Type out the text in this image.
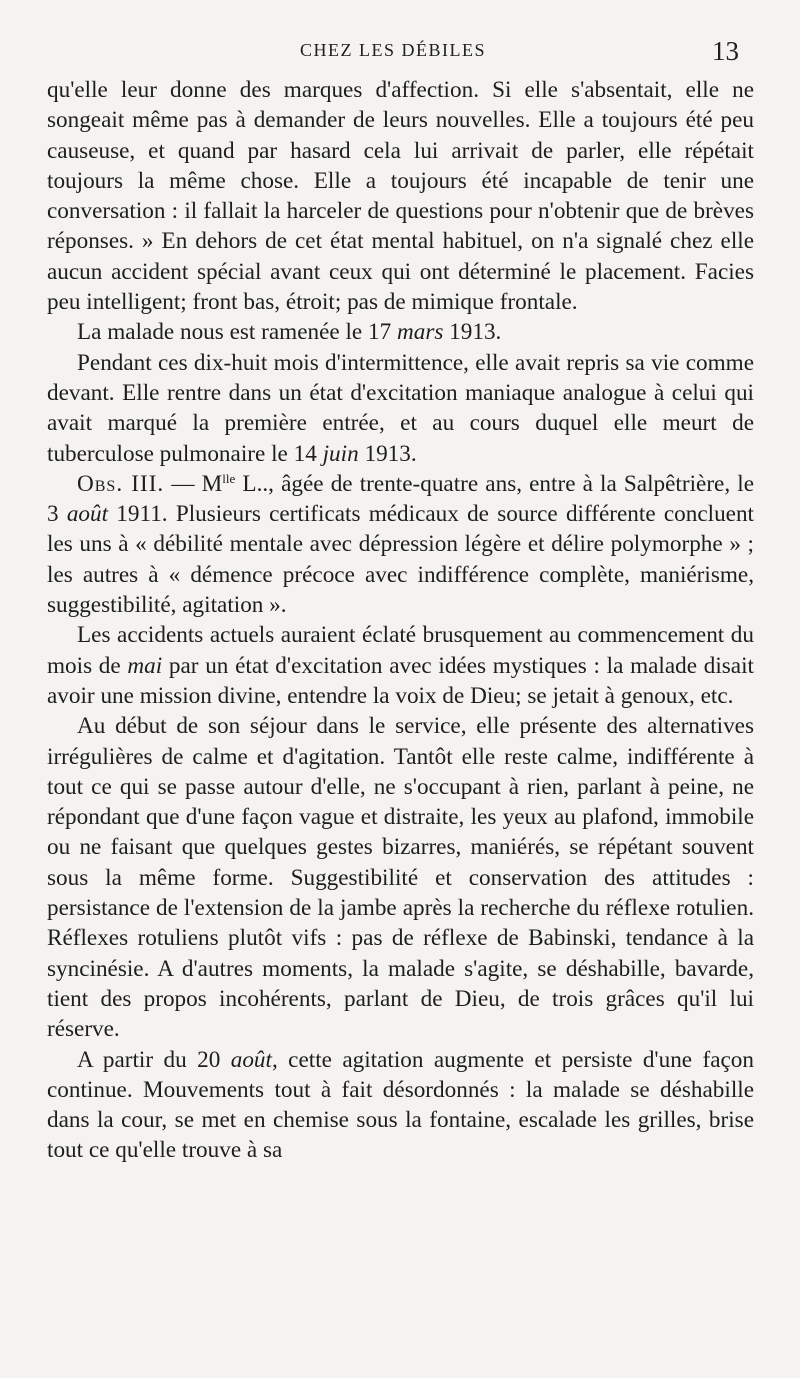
CHEZ LES DÉBILES	13

qu'elle leur donne des marques d'affection. Si elle s'absentait, elle ne songeait même pas à demander de leurs nouvelles. Elle a toujours été peu causeuse, et quand par hasard cela lui arrivait de parler, elle répétait toujours la même chose. Elle a toujours été incapable de tenir une conversation : il fallait la harceler de questions pour n'obtenir que de brèves réponses. » En dehors de cet état mental habituel, on n'a signalé chez elle aucun accident spécial avant ceux qui ont déterminé le placement. Facies peu intelligent; front bas, étroit; pas de mimique frontale.

La malade nous est ramenée le 17 mars 1913.

Pendant ces dix-huit mois d'intermittence, elle avait repris sa vie comme devant. Elle rentre dans un état d'excitation maniaque analogue à celui qui avait marqué la première entrée, et au cours duquel elle meurt de tuberculose pulmonaire le 14 juin 1913.

Obs. III. — $M^{lle}$ L.., âgée de trente-quatre ans, entre à la Salpêtrière, le 3 août 1911. Plusieurs certificats médicaux de source différente concluent les uns à « débilité mentale avec dépression légère et délire polymorphe » ; les autres à « démence précoce avec indifférence complète, maniérisme, suggestibilité, agitation ».

Les accidents actuels auraient éclaté brusquement au commencement du mois de mai par un état d'excitation avec idées mystiques : la malade disait avoir une mission divine, entendre la voix de Dieu; se jetait à genoux, etc.

Au début de son séjour dans le service, elle présente des alternatives irrégulières de calme et d'agitation. Tantôt elle reste calme, indifférente à tout ce qui se passe autour d'elle, ne s'occupant à rien, parlant à peine, ne répondant que d'une façon vague et distraite, les yeux au plafond, immobile ou ne faisant que quelques gestes bizarres, maniérés, se répétant souvent sous la même forme. Suggestibilité et conservation des attitudes : persistance de l'extension de la jambe après la recherche du réflexe rotulien. Réflexes rotuliens plutôt vifs : pas de réflexe de Babinski, tendance à la syncinésie. A d'autres moments, la malade s'agite, se déshabille, bavarde, tient des propos incohérents, parlant de Dieu, de trois grâces qu'il lui réserve.

A partir du 20 août, cette agitation augmente et persiste d'une façon continue. Mouvements tout à fait désordonnés : la malade se déshabille dans la cour, se met en chemise sous la fontaine, escalade les grilles, brise tout ce qu'elle trouve à sa
